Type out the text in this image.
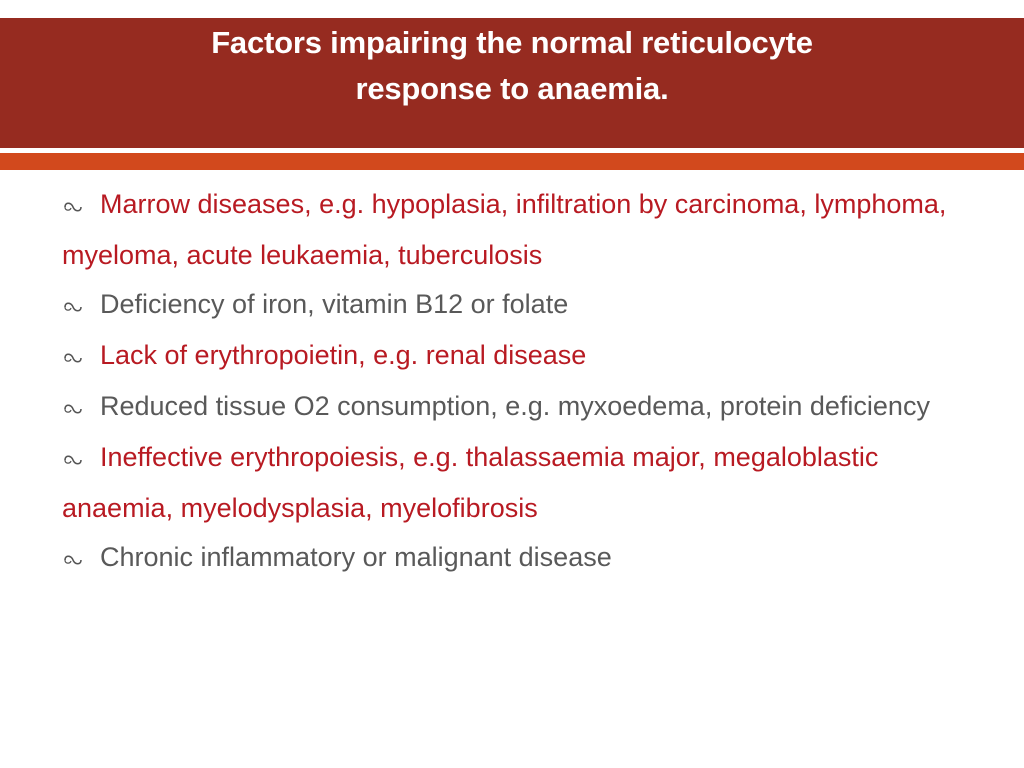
Factors impairing the normal reticulocyte
response to anaemia.
Marrow diseases, e.g. hypoplasia, infiltration by carcinoma, lymphoma, myeloma, acute leukaemia, tuberculosis
Deficiency of iron, vitamin B12 or folate
Lack of erythropoietin, e.g. renal disease
Reduced tissue O2 consumption, e.g. myxoedema, protein deficiency
Ineffective erythropoiesis, e.g. thalassaemia major, megaloblastic anaemia, myelodysplasia, myelofibrosis
Chronic inflammatory or malignant disease
